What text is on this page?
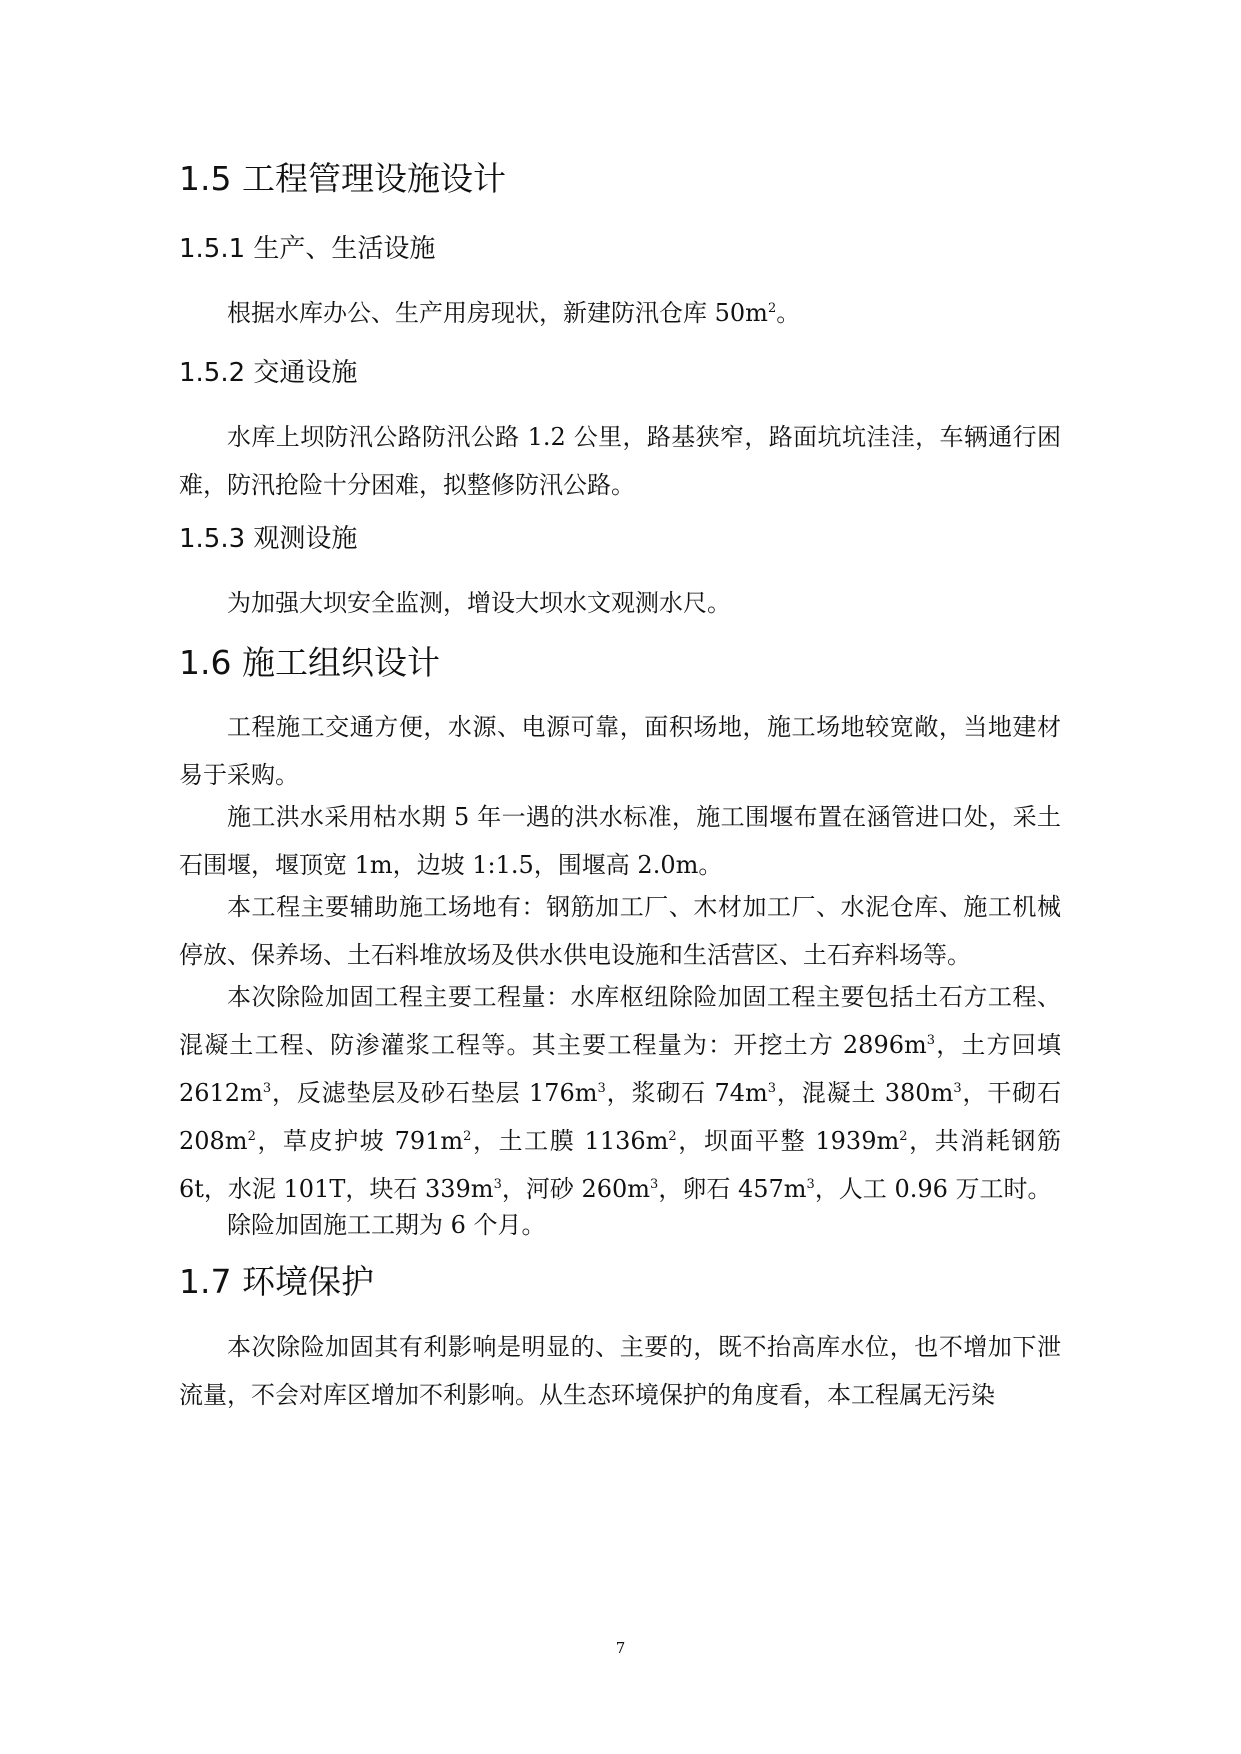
1.5 工程管理设施设计
1.5.1 生产、生活设施

根据水库办公、生产用房现状，新建防汛仓库 $50m^2$。

1.5.2 交通设施

水库上坝防汛公路防汛公路 1.2 公里，路基狭窄，路面坑坑洼洼，车辆通行困难，防汛抢险十分困难，拟整修防汛公路。

1.5.3 观测设施

为加强大坝安全监测，增设大坝水文观测水尺。

1.6 施工组织设计

工程施工交通方便，水源、电源可靠，面积场地，施工场地较宽敞，当地建材易于采购。

施工洪水采用枯水期 5 年一遇的洪水标准，施工围堰布置在涵管进口处，采土石围堰，堰顶宽 1m，边坡 1:1.5，围堰高 2.0m。

本工程主要辅助施工场地有：钢筋加工厂、木材加工厂、水泥仓库、施工机械停放、保养场、土石料堆放场及供水供电设施和生活营区、土石弃料场等。

本次除险加固工程主要工程量：水库枢纽除险加固工程主要包括土石方工程、混凝土工程、防渗灌浆工程等。其主要工程量为：开挖土方 $2896m^3$，土方回填 $2612m^3$，反滤垫层及砂石垫层 $176m^3$，浆砌石 $74m^3$，混凝土 $380m^3$，干砌石 $208m^2$，草皮护坡 $791m^2$，土工膜 $1136m^2$，坝面平整 $1939m^2$，共消耗钢筋 6t，水泥 101T，块石 $339m^3$，河砂 $260m^3$，卵石 $457m^3$，人工 0.96 万工时。

除险加固施工工期为 6 个月。

1.7 环境保护

本次除险加固其有利影响是明显的、主要的，既不抬高库水位，也不增加下泄流量，不会对库区增加不利影响。从生态环境保护的角度看，本工程属无污染

7
